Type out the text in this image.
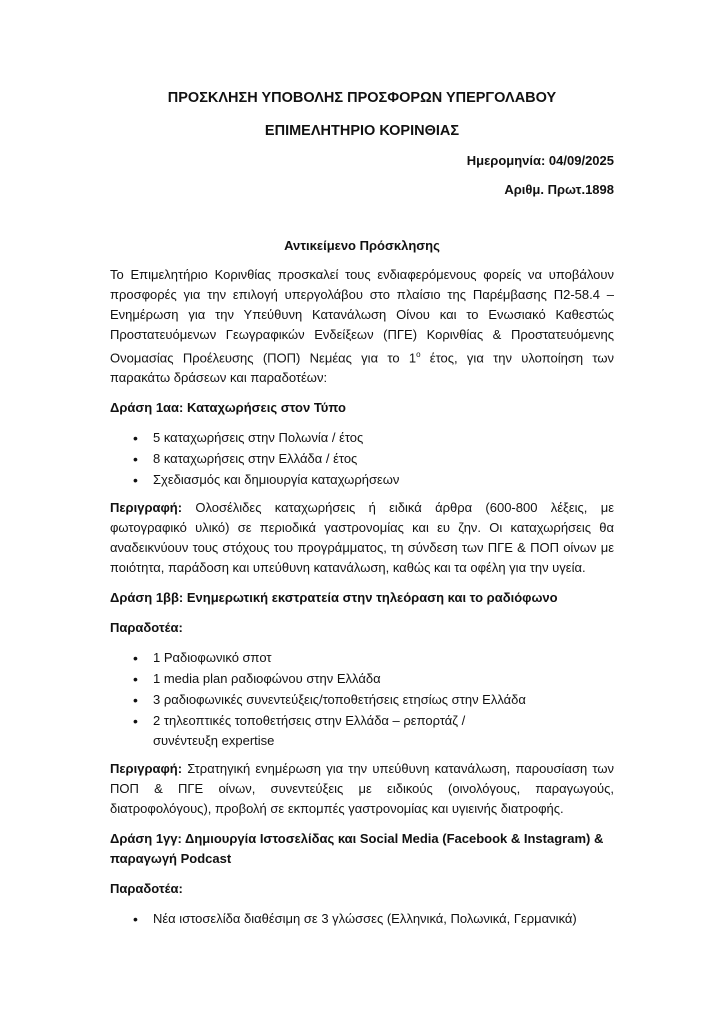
ΠΡΟΣΚΛΗΣΗ ΥΠΟΒΟΛΗΣ ΠΡΟΣΦΟΡΩΝ ΥΠΕΡΓΟΛΑΒΟΥ
ΕΠΙΜΕΛΗΤΗΡΙΟ ΚΟΡΙΝΘΙΑΣ
Ημερομηνία: 04/09/2025
Αριθμ. Πρωτ.1898
Αντικείμενο Πρόσκλησης

Το Επιμελητήριο Κορινθίας προσκαλεί τους ενδιαφερόμενους φορείς να υποβάλουν προσφορές για την επιλογή υπεργολάβου στο πλαίσιο της Παρέμβασης Π2-58.4 – Ενημέρωση για την Υπεύθυνη Κατανάλωση Οίνου και το Ενωσιακό Καθεστώς Προστατευόμενων Γεωγραφικών Ενδείξεων (ΠΓΕ) Κορινθίας & Προστατευόμενης Ονομασίας Προέλευσης (ΠΟΠ) Νεμέας για το $1^o$ έτος, για την υλοποίηση των παρακάτω δράσεων και παραδοτέων:

Δράση 1αα: Καταχωρήσεις στον Τύπο
• 5 καταχωρήσεις στην Πολωνία / έτος
• 8 καταχωρήσεις στην Ελλάδα / έτος
• Σχεδιασμός και δημιουργία καταχωρήσεων

Περιγραφή: Ολοσέλιδες καταχωρήσεις ή ειδικά άρθρα (600-800 λέξεις, με φωτογραφικό υλικό) σε περιοδικά γαστρονομίας και ευ ζην. Οι καταχωρήσεις θα αναδεικνύουν τους στόχους του προγράμματος, τη σύνδεση των ΠΓΕ & ΠΟΠ οίνων με ποιότητα, παράδοση και υπεύθυνη κατανάλωση, καθώς και τα οφέλη για την υγεία.

Δράση 1ββ: Ενημερωτική εκστρατεία στην τηλεόραση και το ραδιόφωνο
Παραδοτέα:
• 1 Ραδιοφωνικό σποτ
• 1 media plan ραδιοφώνου στην Ελλάδα
• 3 ραδιοφωνικές συνεντεύξεις/τοποθετήσεις ετησίως στην Ελλάδα
• 2 τηλεοπτικές τοποθετήσεις στην Ελλάδα – ρεπορτάζ / συνέντευξη expertise

Περιγραφή: Στρατηγική ενημέρωση για την υπεύθυνη κατανάλωση, παρουσίαση των ΠΟΠ & ΠΓΕ οίνων, συνεντεύξεις με ειδικούς (οινολόγους, παραγωγούς, διατροφολόγους), προβολή σε εκπομπές γαστρονομίας και υγιεινής διατροφής.

Δράση 1γγ: Δημιουργία Ιστοσελίδας και Social Media (Facebook & Instagram) & παραγωγή Podcast
Παραδοτέα:
• Νέα ιστοσελίδα διαθέσιμη σε 3 γλώσσες (Ελληνικά, Πολωνικά, Γερμανικά)
